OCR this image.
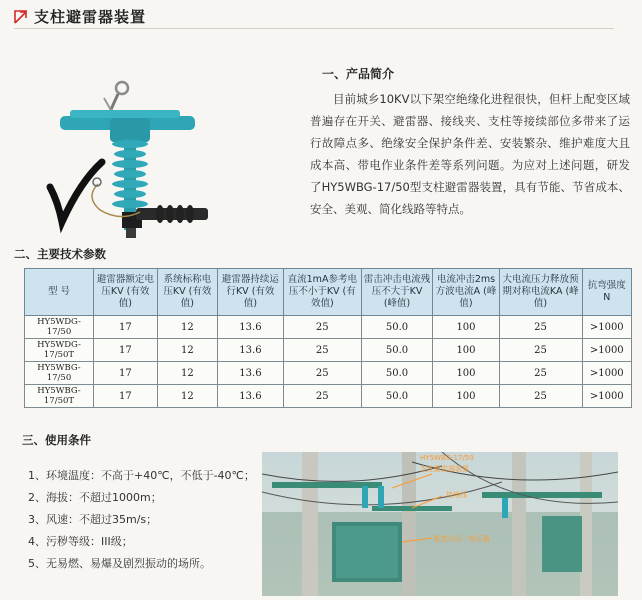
支柱避雷器装置
一、产品简介
目前城乡10KV以下架空绝缘化进程很快，但杆上配变区域普遍存在开关、避雷器、接线夹、支柱等接续部位多带来了运行故障点多、绝缘安全保护条件差、安装繁杂、维护难度大且成本高、带电作业条件差等系列问题。为应对上述问题，研发了HY5WBG-17/50型支柱避雷器装置，具有节能、节省成本、安全、美观、简化线路等特点。
二、主要技术参数
型 号	避雷器额定电压KV (有效值)	系统标称电压KV (有效值)	避雷器持续运行KV (有效值)	直流1mA参考电压不小于KV (有效值)	雷击冲击电流残压不大于KV (峰值)	电流冲击2ms方波电流A (峰值)	大电流压力释放预期对称电流KA (峰值)	抗弯强度 N
HY5WDG-17/50	17	12	13.6	25	50.0	100	25	>1000
HY5WDG-17/50T	17	12	13.6	25	50.0	100	25	>1000
HY5WBG-17/50	17	12	13.6	25	50.0	100	25	>1000
HY5WBG-17/50T	17	12	13.6	25	50.0	100	25	>1000
三、使用条件
1、环境温度：不高于+40℃，不低于-40℃；
2、海拔：不超过1000m；
3、风速：不超过35m/s；
4、污秽等级：III级；
5、无易燃、易爆及剧烈振动的场所。
HY5WBG-17/50
支柱避雷器装置
接地线
配变台区一变压器
